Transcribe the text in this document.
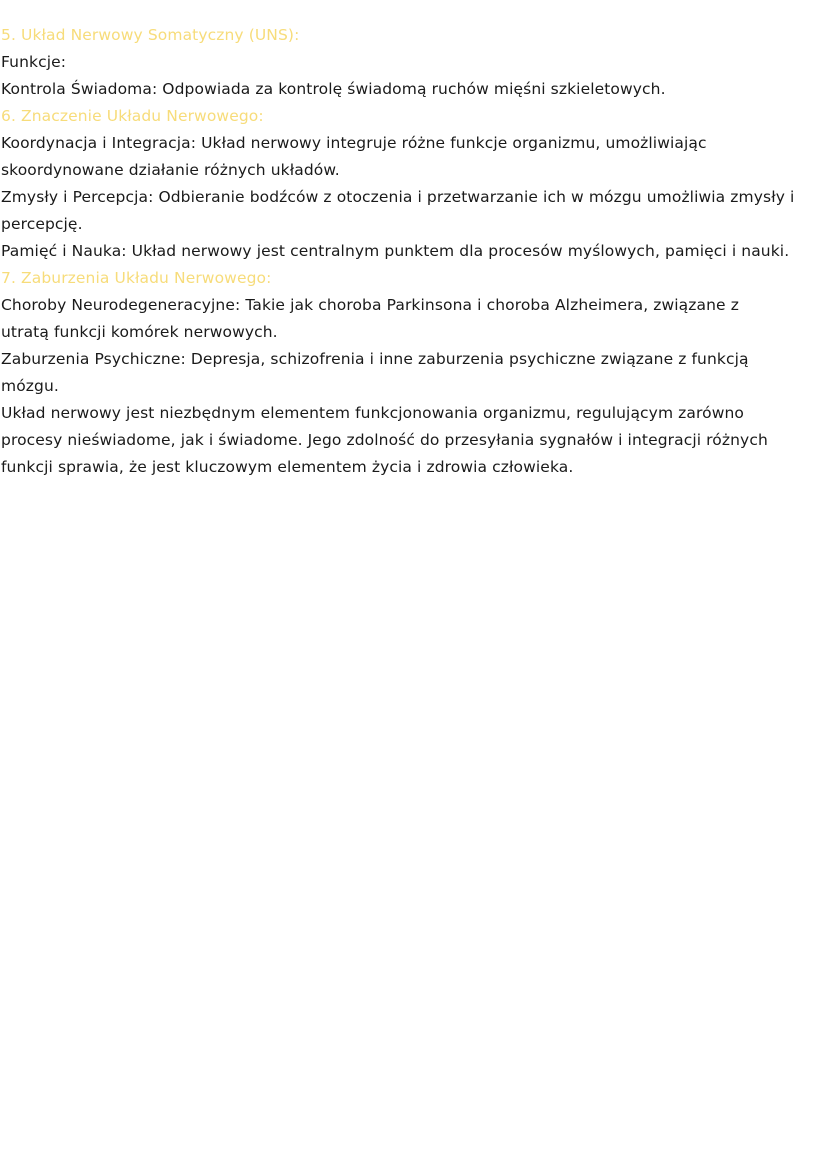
5. Układ Nerwowy Somatyczny (UNS):

Funkcje:

Kontrola Świadoma: Odpowiada za kontrolę świadomą ruchów mięśni szkieletowych.

6. Znaczenie Układu Nerwowego:

Koordynacja i Integracja: Układ nerwowy integruje różne funkcje organizmu, umożliwiając

skoordynowane działanie różnych układów.

Zmysły i Percepcja: Odbieranie bodźców z otoczenia i przetwarzanie ich w mózgu umożliwia zmysły i

percepcję.

Pamięć i Nauka: Układ nerwowy jest centralnym punktem dla procesów myślowych, pamięci i nauki.

7. Zaburzenia Układu Nerwowego:

Choroby Neurodegeneracyjne: Takie jak choroba Parkinsona i choroba Alzheimera, związane z

utratą funkcji komórek nerwowych.

Zaburzenia Psychiczne: Depresja, schizofrenia i inne zaburzenia psychiczne związane z funkcją

mózgu.

Układ nerwowy jest niezbędnym elementem funkcjonowania organizmu, regulującym zarówno

procesy nieświadome, jak i świadome. Jego zdolność do przesyłania sygnałów i integracji różnych

funkcji sprawia, że jest kluczowym elementem życia i zdrowia człowieka.
